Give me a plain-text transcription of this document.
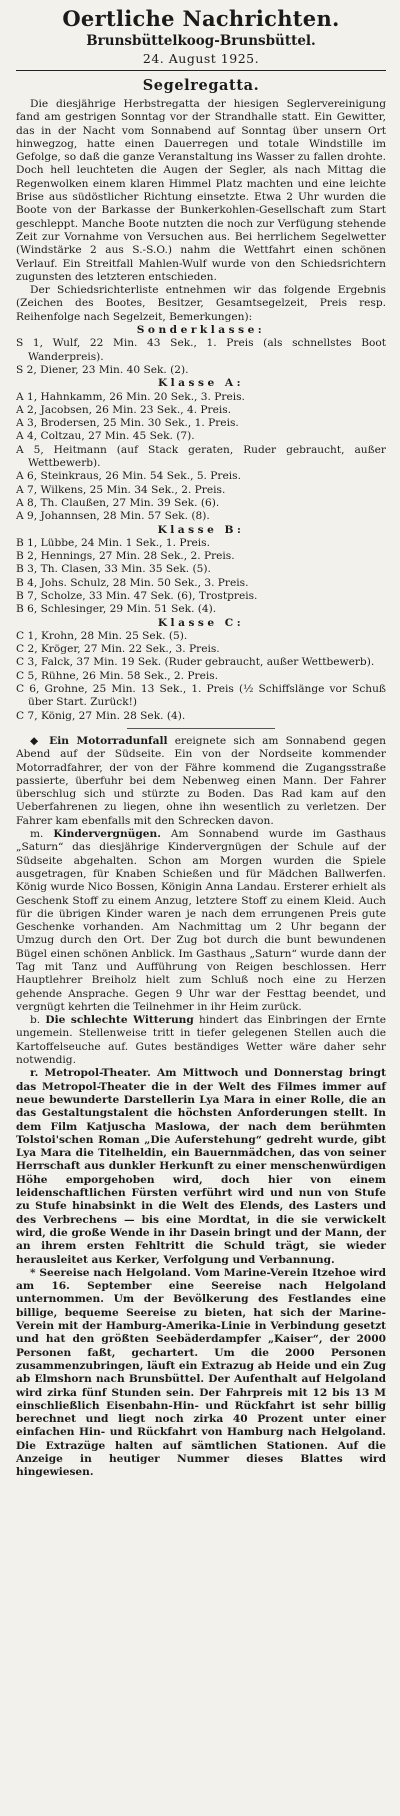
Oertliche Nachrichten.
Brunsbüttelkoog-Brunsbüttel.
24. August 1925.
Segelregatta.

Die diesjährige Herbstregatta der hiesigen Seglervereinigung fand am gestrigen Sonntag vor der Strandhalle statt. Ein Gewitter, das in der Nacht vom Sonnabend auf Sonntag über unsern Ort hinwegzog, hatte einen Dauerregen und totale Windstille im Gefolge, so daß die ganze Veranstaltung ins Wasser zu fallen drohte. Doch hell leuchteten die Augen der Segler, als nach Mittag die Regenwolken einem klaren Himmel Platz machten und eine leichte Brise aus südöstlicher Richtung einsetzte. Etwa 2 Uhr wurden die Boote von der Barkasse der Bunkerkohlen-Gesellschaft zum Start geschleppt. Manche Boote nutzten die noch zur Verfügung stehende Zeit zur Vornahme von Versuchen aus. Bei herrlichem Segelwetter (Windstärke 2 aus S.-S.O.) nahm die Wettfahrt einen schönen Verlauf. Ein Streitfall Mahlen-Wulf wurde von den Schiedsrichtern zugunsten des letzteren entschieden.

Der Schiedsrichterliste entnehmen wir das folgende Ergebnis (Zeichen des Bootes, Besitzer, Gesamtsegelzeit, Preis resp. Reihenfolge nach Segelzeit, Bemerkungen):

Sonderklasse:

S 1, Wulf, 22 Min. 43 Sek., 1. Preis (als schnellstes Boot Wanderpreis).

S 2, Diener, 23 Min. 40 Sek. (2).

Klasse A:

A 1, Hahnkamm, 26 Min. 20 Sek., 3. Preis.

A 2, Jacobsen, 26 Min. 23 Sek., 4. Preis.

A 3, Brodersen, 25 Min. 30 Sek., 1. Preis.

A 4, Coltzau, 27 Min. 45 Sek. (7).

A 5, Heitmann (auf Stack geraten, Ruder gebraucht, außer Wettbewerb).

A 6, Steinkraus, 26 Min. 54 Sek., 5. Preis.

A 7, Wilkens, 25 Min. 34 Sek., 2. Preis.

A 8, Th. Claußen, 27 Min. 39 Sek. (6).

A 9, Johannsen, 28 Min. 57 Sek. (8).

Klasse B:

B 1, Lübbe, 24 Min. 1 Sek., 1. Preis.

B 2, Hennings, 27 Min. 28 Sek., 2. Preis.

B 3, Th. Clasen, 33 Min. 35 Sek. (5).

B 4, Johs. Schulz, 28 Min. 50 Sek., 3. Preis.

B 7, Scholze, 33 Min. 47 Sek. (6), Trostpreis.

B 6, Schlesinger, 29 Min. 51 Sek. (4).

Klasse C:

C 1, Krohn, 28 Min. 25 Sek. (5).

C 2, Kröger, 27 Min. 22 Sek., 3. Preis.

C 3, Falck, 37 Min. 19 Sek. (Ruder gebraucht, außer Wettbewerb).

C 5, Rühne, 26 Min. 58 Sek., 2. Preis.

C 6, Grohne, 25 Min. 13 Sek., 1. Preis (½ Schiffslänge vor Schuß über Start. Zurück!)

C 7, König, 27 Min. 28 Sek. (4).

◆ Ein Motorradunfall ereignete sich am Sonnabend gegen Abend auf der Südseite. Ein von der Nordseite kommender Motorradfahrer, der von der Fähre kommend die Zugangsstraße passierte, überfuhr bei dem Nebenweg einen Mann. Der Fahrer überschlug sich und stürzte zu Boden. Das Rad kam auf den Ueberfahrenen zu liegen, ohne ihn wesentlich zu verletzen. Der Fahrer kam ebenfalls mit den Schrecken davon.

m. Kindervergnügen. Am Sonnabend wurde im Gasthaus „Saturn“ das diesjährige Kindervergnügen der Schule auf der Südseite abgehalten. Schon am Morgen wurden die Spiele ausgetragen, für Knaben Schießen und für Mädchen Ballwerfen. König wurde Nico Bossen, Königin Anna Landau. Ersterer erhielt als Geschenk Stoff zu einem Anzug, letztere Stoff zu einem Kleid. Auch für die übrigen Kinder waren je nach dem errungenen Preis gute Geschenke vorhanden. Am Nachmittag um 2 Uhr begann der Umzug durch den Ort. Der Zug bot durch die bunt bewundenen Bügel einen schönen Anblick. Im Gasthaus „Saturn“ wurde dann der Tag mit Tanz und Aufführung von Reigen beschlossen. Herr Hauptlehrer Breiholz hielt zum Schluß noch eine zu Herzen gehende Ansprache. Gegen 9 Uhr war der Festtag beendet, und vergnügt kehrten die Teilnehmer in ihr Heim zurück.

b. Die schlechte Witterung hindert das Einbringen der Ernte ungemein. Stellenweise tritt in tiefer gelegenen Stellen auch die Kartoffelseuche auf. Gutes beständiges Wetter wäre daher sehr notwendig.

r. Metropol-Theater. Am Mittwoch und Donnerstag bringt das Metropol-Theater die in der Welt des Filmes immer auf neue bewunderte Darstellerin Lya Mara in einer Rolle, die an das Gestaltungstalent die höchsten Anforderungen stellt. In dem Film Katjuscha Maslowa, der nach dem berühmten Tolstoi'schen Roman „Die Auferstehung“ gedreht wurde, gibt Lya Mara die Titelheldin, ein Bauernmädchen, das von seiner Herrschaft aus dunkler Herkunft zu einer menschenwürdigen Höhe emporgehoben wird, doch hier von einem leidenschaftlichen Fürsten verführt wird und nun von Stufe zu Stufe hinabsinkt in die Welt des Elends, des Lasters und des Verbrechens — bis eine Mordtat, in die sie verwickelt wird, die große Wende in ihr Dasein bringt und der Mann, der an ihrem ersten Fehltritt die Schuld trägt, sie wieder herausleitet aus Kerker, Verfolgung und Verbannung.

* Seereise nach Helgoland. Vom Marine-Verein Itzehoe wird am 16. September eine Seereise nach Helgoland unternommen. Um der Bevölkerung des Festlandes eine billige, bequeme Seereise zu bieten, hat sich der Marine-Verein mit der Hamburg-Amerika-Linie in Verbindung gesetzt und hat den größten Seebäderdampfer „Kaiser“, der 2000 Personen faßt, gechartert. Um die 2000 Personen zusammenzubringen, läuft ein Extrazug ab Heide und ein Zug ab Elmshorn nach Brunsbüttel. Der Aufenthalt auf Helgoland wird zirka fünf Stunden sein. Der Fahrpreis mit 12 bis 13 M einschließlich Eisenbahn-Hin- und Rückfahrt ist sehr billig berechnet und liegt noch zirka 40 Prozent unter einer einfachen Hin- und Rückfahrt von Hamburg nach Helgoland. Die Extrazüge halten auf sämtlichen Stationen. Auf die Anzeige in heutiger Nummer dieses Blattes wird hingewiesen.
